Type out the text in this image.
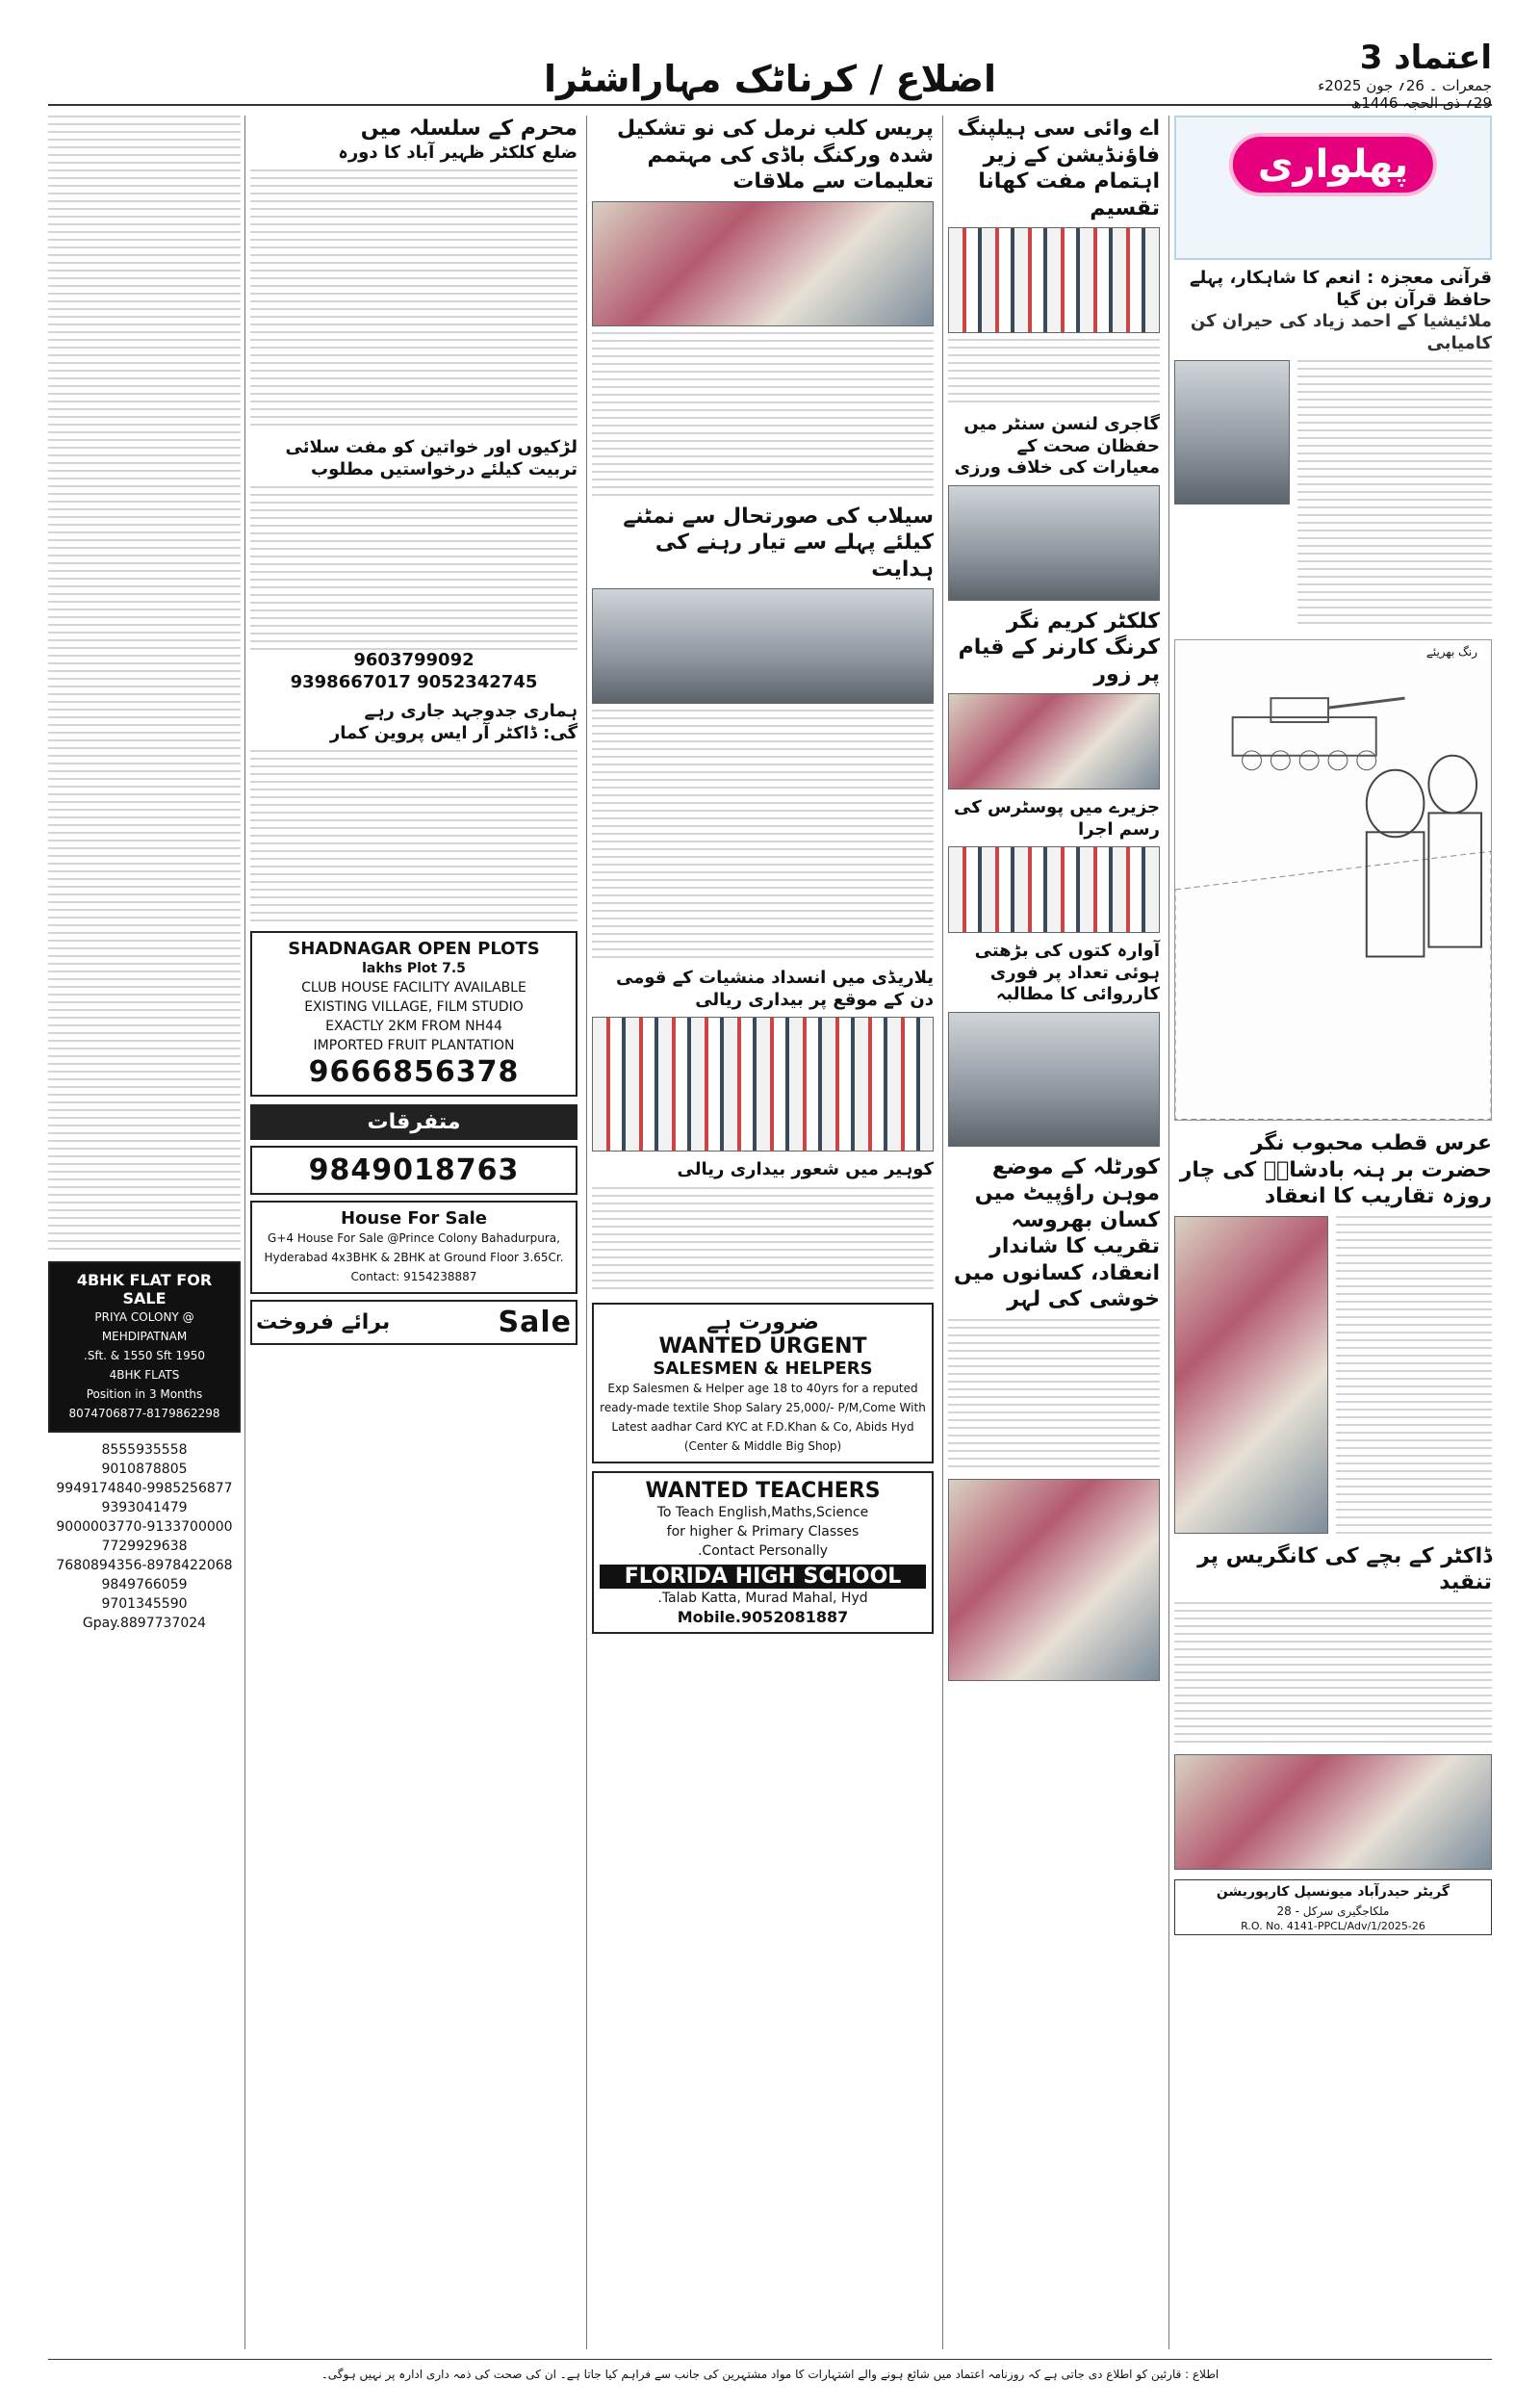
اعتماد 3
جمعرات ۔ 26؍ جون 2025ء
29؍ ذی الحجہ 1446ھ
اضلاع / کرناٹک مہاراشٹرا
پھلواری
قرآنی معجزہ : انعم کا شاہکار، پہلے حافظ قرآن بن گیا
ملائیشیا کے احمد زیاد کی حیران کن کامیابی
رنگ بھریئے
عرس قطب محبوب نگر حضرت بر ہنہ بادشاہؒ کی چار روزہ تقاریب کا انعقاد
ڈاکٹر کے بچے کی کانگریس پر تنقید
گریٹر حیدرآباد میونسپل کارپوریشن
ملکاجگیری سرکل - 28
R.O. No. 4141-PPCL/Adv/1/2025-26
اے وائی سی ہیلپنگ فاؤنڈیشن کے زیر اہتمام مفت کھانا تقسیم
گاجری لنسن سنٹر میں حفظان صحت کے معیارات کی خلاف ورزی
کلکٹر کریم نگر کرنگ کارنر کے قیام پر زور
جزیرے میں پوسٹرس کی رسم اجرا
آوارہ کتوں کی بڑھتی ہوئی تعداد پر فوری کارروائی کا مطالبہ
کورٹلہ کے موضع موہن راؤپیٹ میں کسان بھروسہ تقریب کا شاندار انعقاد، کسانوں میں خوشی کی لہر
پریس کلب نرمل کی نو تشکیل شدہ ورکنگ باڈی کی مہتمم تعلیمات سے ملاقات
سیلاب کی صورتحال سے نمٹنے کیلئے پہلے سے تیار رہنے کی ہدایت
یلاریڈی میں انسداد منشیات کے قومی دن کے موقع پر بیداری ریالی
کوہیر میں شعور بیداری ریالی
ضرورت ہے
WANTED URGENT
SALESMEN & HELPERS
Exp Salesmen & Helper age 18 to 40yrs for a reputed ready-made textile Shop Salary 25,000/- P/M,Come With Latest aadhar Card KYC at F.D.Khan & Co, Abids Hyd (Center & Middle Big Shop)
WANTED TEACHERS
To Teach English,Maths,Science
for higher & Primary Classes
Contact Personally.
FLORIDA HIGH SCHOOL
Talab Katta, Murad Mahal, Hyd.
Mobile.9052081887
محرم کے سلسلہ میں
ضلع کلکٹر ظہیر آباد کا دورہ
لڑکیوں اور خواتین کو مفت سلائی
تربیت کیلئے درخواستیں مطلوب
9603799092
9052342745 9398667017
ہماری جدوجہد جاری رہے
گی: ڈاکٹر آر ایس پروین کمار
SHADNAGAR OPEN PLOTS
7.5 lakhs Plot
CLUB HOUSE FACILITY AVAILABLE
EXISTING VILLAGE, FILM STUDIO
EXACTLY 2KM FROM NH44
IMPORTED FRUIT PLANTATION
9666856378
متفرقات
9849018763
House For Sale
G+4 House For Sale @Prince Colony Bahadurpura, Hyderabad 4x3BHK & 2BHK at Ground Floor 3.65Cr. Contact: 9154238887
Sale
برائے فروخت
4BHK FLAT FOR SALE
@ PRIYA COLONY MEHDIPATNAM
1950 Sft. & 1550 Sft.
4BHK FLATS
Position in 3 Months
8074706877-8179862298
8555935558
9010878805
9949174840-9985256877
9393041479
9000003770-9133700000
7729929638
7680894356-8978422068
9849766059
9701345590
Gpay.8897737024
اطلاع : قارئین کو اطلاع دی جاتی ہے کہ روزنامہ اعتماد میں شائع ہونے والے اشتہارات کا مواد مشتہرین کی جانب سے فراہم کیا جاتا ہے۔ ان کی صحت کی ذمہ داری ادارہ پر نہیں ہوگی۔
